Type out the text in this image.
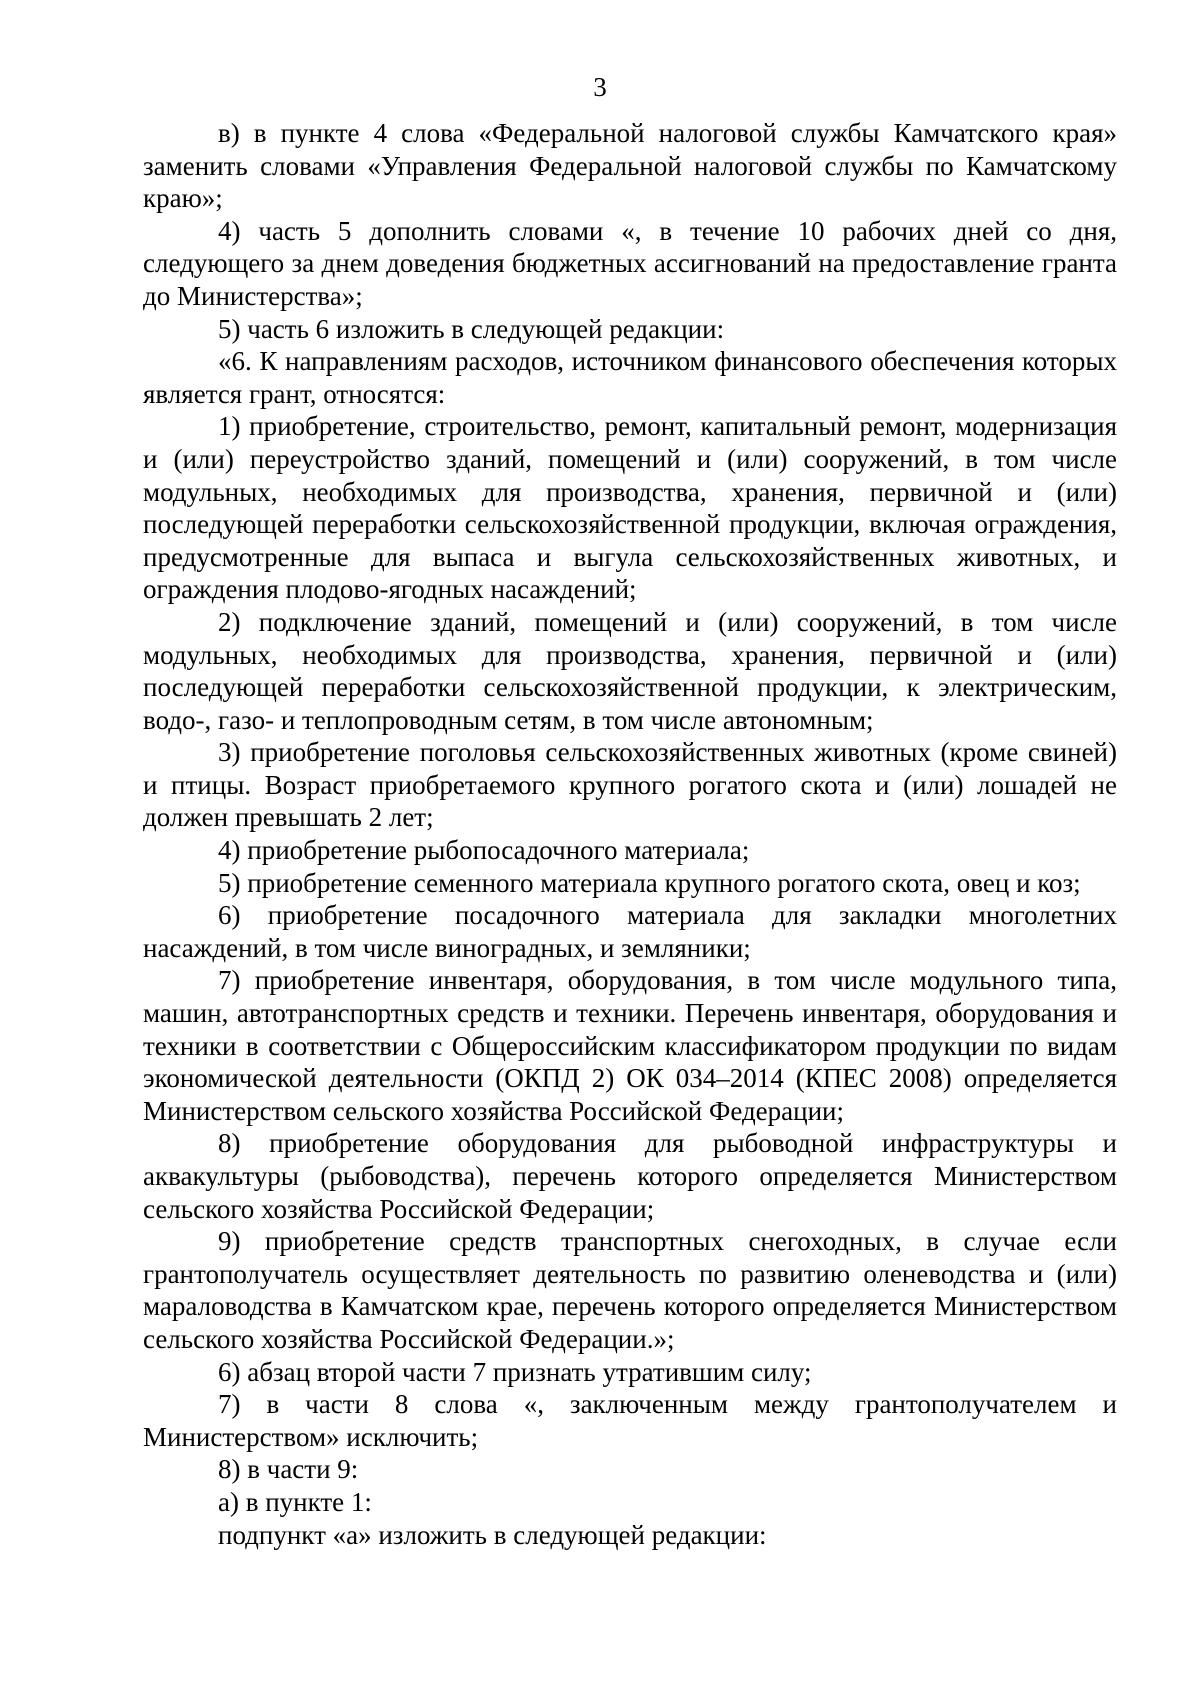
3

в) в пункте 4 слова «Федеральной налоговой службы Камчатского края» заменить словами «Управления Федеральной налоговой службы по Камчатскому краю»;

4) часть 5 дополнить словами «, в течение 10 рабочих дней со дня, следующего за днем доведения бюджетных ассигнований на предоставление гранта до Министерства»;

5) часть 6 изложить в следующей редакции:

«6. К направлениям расходов, источником финансового обеспечения которых является грант, относятся:

1) приобретение, строительство, ремонт, капитальный ремонт, модернизация и (или) переустройство зданий, помещений и (или) сооружений, в том числе модульных, необходимых для производства, хранения, первичной и (или) последующей переработки сельскохозяйственной продукции, включая ограждения, предусмотренные для выпаса и выгула сельскохозяйственных животных, и ограждения плодово-ягодных насаждений;

2) подключение зданий, помещений и (или) сооружений, в том числе модульных, необходимых для производства, хранения, первичной и (или) последующей переработки сельскохозяйственной продукции, к электрическим, водо-, газо- и теплопроводным сетям, в том числе автономным;

3) приобретение поголовья сельскохозяйственных животных (кроме свиней) и птицы. Возраст приобретаемого крупного рогатого скота и (или) лошадей не должен превышать 2 лет;

4) приобретение рыбопосадочного материала;

5) приобретение семенного материала крупного рогатого скота, овец и коз;

6) приобретение посадочного материала для закладки многолетних насаждений, в том числе виноградных, и земляники;

7) приобретение инвентаря, оборудования, в том числе модульного типа, машин, автотранспортных средств и техники. Перечень инвентаря, оборудования и техники в соответствии с Общероссийским классификатором продукции по видам экономической деятельности (ОКПД 2) ОК 034–2014 (КПЕС 2008) определяется Министерством сельского хозяйства Российской Федерации;

8) приобретение оборудования для рыбоводной инфраструктуры и аквакультуры (рыбоводства), перечень которого определяется Министерством сельского хозяйства Российской Федерации;

9) приобретение средств транспортных снегоходных, в случае если грантополучатель осуществляет деятельность по развитию оленеводства и (или) мараловодства в Камчатском крае, перечень которого определяется Министерством сельского хозяйства Российской Федерации.»;

6) абзац второй части 7 признать утратившим силу;

7) в части 8 слова «, заключенным между грантополучателем и Министерством» исключить;

8) в части 9:

а) в пункте 1:

подпункт «а» изложить в следующей редакции:
